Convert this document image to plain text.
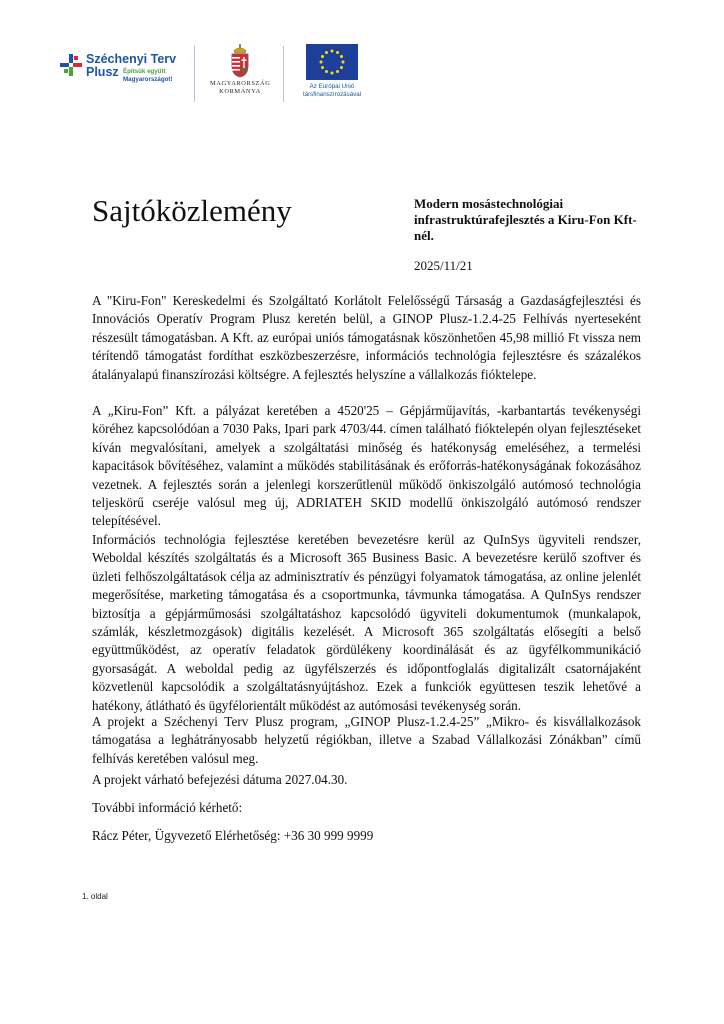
Széchenyi Terv
Plusz Építsük együtt
Magyarországot!
MAGYARORSZÁG
KORMÁNYA
Az Európai Unió
társfinanszírozásával
Sajtóközlemény	Modern mosástechnológiai infrastruktúrafejlesztés a Kiru-Fon Kft-nél.
2025/11/21

A "Kiru-Fon" Kereskedelmi és Szolgáltató Korlátolt Felelősségű Társaság a Gazdaságfejlesztési és Innovációs Operatív Program Plusz keretén belül, a GINOP Plusz-1.2.4-25 Felhívás nyerteseként részesült támogatásban. A Kft. az európai uniós támogatásnak köszönhetően 45,98 millió Ft vissza nem térítendő támogatást fordíthat eszközbeszerzésre, információs technológia fejlesztésre és százalékos átalányalapú finanszírozási költségre. A fejlesztés helyszíne a vállalkozás fióktelepe.

A „Kiru-Fon” Kft. a pályázat keretében a 4520'25 – Gépjárműjavítás, -karbantartás tevékenységi köréhez kapcsolódóan a 7030 Paks, Ipari park 4703/44. címen található fióktelepén olyan fejlesztéseket kíván megvalósítani, amelyek a szolgáltatási minőség és hatékonyság emeléséhez, a termelési kapacitások bővítéséhez, valamint a működés stabilitásának és erőforrás-hatékonyságának fokozásához vezetnek. A fejlesztés során a jelenlegi korszerűtlenül működő önkiszolgáló autómosó technológia teljeskörű cseréje valósul meg új, ADRIATEH SKID modellű önkiszolgáló autómosó rendszer telepítésével.

Információs technológia fejlesztése keretében bevezetésre kerül az QuInSys ügyviteli rendszer, Weboldal készítés szolgáltatás és a Microsoft 365 Business Basic. A bevezetésre kerülő szoftver és üzleti felhőszolgáltatások célja az adminisztratív és pénzügyi folyamatok támogatása, az online jelenlét megerősítése, marketing támogatása és a csoportmunka, távmunka támogatása. A QuInSys rendszer biztosítja a gépjárműmosási szolgáltatáshoz kapcsolódó ügyviteli dokumentumok (munkalapok, számlák, készletmozgások) digitális kezelését. A Microsoft 365 szolgáltatás elősegíti a belső együttműködést, az operatív feladatok gördülékeny koordinálását és az ügyfélkommunikáció gyorsaságát. A weboldal pedig az ügyfélszerzés és időpontfoglalás digitalizált csatornájaként közvetlenül kapcsolódik a szolgáltatásnyújtáshoz. Ezek a funkciók együttesen teszik lehetővé a hatékony, átlátható és ügyfélorientált működést az autómosási tevékenység során.

A projekt a Széchenyi Terv Plusz program, „GINOP Plusz-1.2.4-25” „Mikro- és kisvállalkozások támogatása a leghátrányosabb helyzetű régiókban, illetve a Szabad Vállalkozási Zónákban” című felhívás keretében valósul meg.

A projekt várható befejezési dátuma 2027.04.30.

További információ kérhető:

Rácz Péter, Ügyvezető Elérhetőség: +36 30 999 9999

1. oldal
